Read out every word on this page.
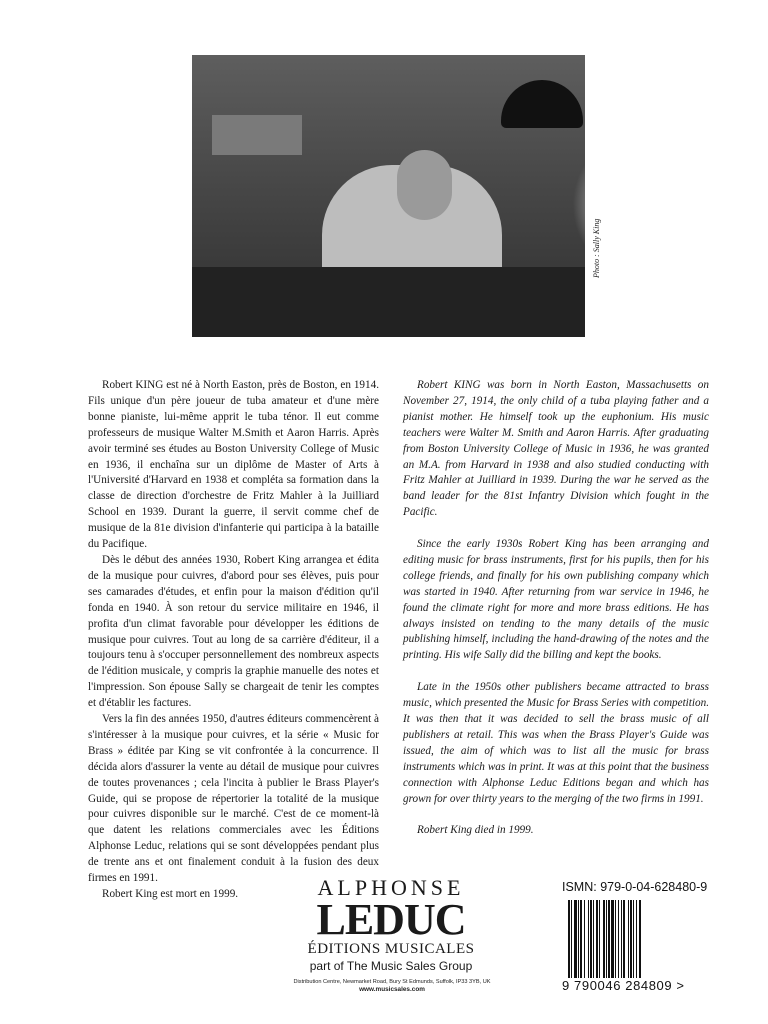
Photo : Sally King

Robert KING est né à North Easton, près de Boston, en 1914. Fils unique d'un père joueur de tuba amateur et d'une mère bonne pianiste, lui-même apprit le tuba ténor. Il eut comme professeurs de musique Walter M.Smith et Aaron Harris. Après avoir terminé ses études au Boston University College of Music en 1936, il enchaîna sur un diplôme de Master of Arts à l'Université d'Harvard en 1938 et compléta sa formation dans la classe de direction d'orchestre de Fritz Mahler à la Juilliard School en 1939. Durant la guerre, il servit comme chef de musique de la 81e division d'infanterie qui participa à la bataille du Pacifique.

Dès le début des années 1930, Robert King arrangea et édita de la musique pour cuivres, d'abord pour ses élèves, puis pour ses camarades d'études, et enfin pour la maison d'édition qu'il fonda en 1940. À son retour du service militaire en 1946, il profita d'un climat favorable pour développer les éditions de musique pour cuivres. Tout au long de sa carrière d'éditeur, il a toujours tenu à s'occuper personnellement des nombreux aspects de l'édition musicale, y compris la graphie manuelle des notes et l'impression. Son épouse Sally se chargeait de tenir les comptes et d'établir les factures.

Vers la fin des années 1950, d'autres éditeurs commencèrent à s'intéresser à la musique pour cuivres, et la série « Music for Brass » éditée par King se vit confrontée à la concurrence. Il décida alors d'assurer la vente au détail de musique pour cuivres de toutes provenances ; cela l'incita à publier le Brass Player's Guide, qui se propose de répertorier la totalité de la musique pour cuivres disponible sur le marché. C'est de ce moment-là que datent les relations commerciales avec les Éditions Alphonse Leduc, relations qui se sont développées pendant plus de trente ans et ont finalement conduit à la fusion des deux firmes en 1991.

Robert King est mort en 1999.

Robert KING was born in North Easton, Massachusetts on November 27, 1914, the only child of a tuba playing father and a pianist mother. He himself took up the euphonium. His music teachers were Walter M. Smith and Aaron Harris. After graduating from Boston University College of Music in 1936, he was granted an M.A. from Harvard in 1938 and also studied conducting with Fritz Mahler at Juilliard in 1939. During the war he served as the band leader for the 81st Infantry Division which fought in the Pacific.

Since the early 1930s Robert King has been arranging and editing music for brass instruments, first for his pupils, then for his college friends, and finally for his own publishing company which was started in 1940. After returning from war service in 1946, he found the climate right for more and more brass editions. He has always insisted on tending to the many details of the music publishing himself, including the hand-drawing of the notes and the printing. His wife Sally did the billing and kept the books.

Late in the 1950s other publishers became attracted to brass music, which presented the Music for Brass Series with competition. It was then that it was decided to sell the brass music of all publishers at retail. This was when the Brass Player's Guide was issued, the aim of which was to list all the music for brass instruments which was in print. It was at this point that the business connection with Alphonse Leduc Editions began and which has grown for over thirty years to the merging of the two firms in 1991.

Robert King died in 1999.

ALPHONSE
LEDUC
ÉDITIONS MUSICALES
part of The Music Sales Group
Distribution Centre, Newmarket Road, Bury St Edmunds, Suffolk, IP33 3YB, UK
www.musicsales.com
ISMN: 979-0-04-628480-9
9 790046 284809 >
